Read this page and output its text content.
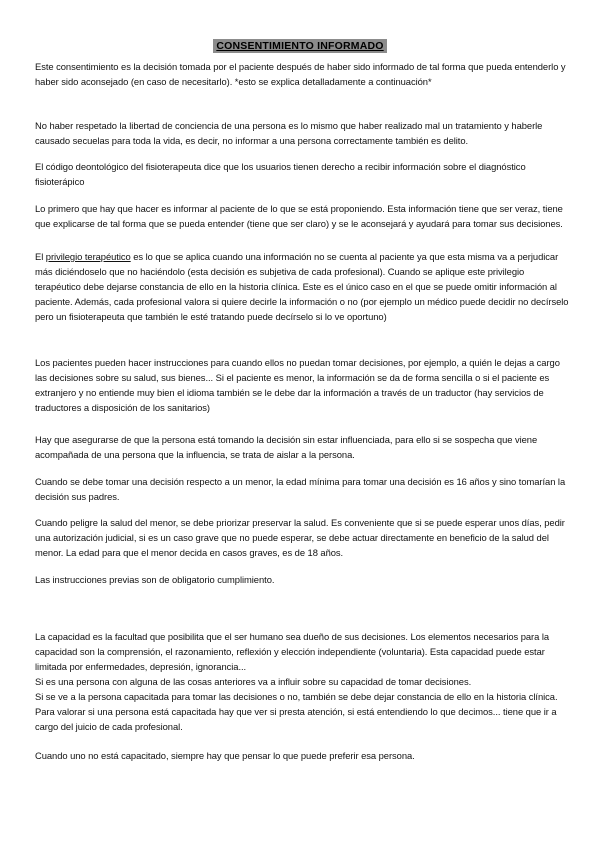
CONSENTIMIENTO INFORMADO

Este consentimiento es la decisión tomada por el paciente después de haber sido informado de tal forma que pueda entenderlo y haber sido aconsejado (en caso de necesitarlo). *esto se explica detalladamente a continuación*

No haber respetado la libertad de conciencia de una persona es lo mismo que haber realizado mal un tratamiento y haberle causado secuelas para toda la vida, es decir, no informar a una persona correctamente también es delito.

El código deontológico del fisioterapeuta dice que los usuarios tienen derecho a recibir información sobre el diagnóstico fisioterápico

Lo primero que hay que hacer es informar al paciente de lo que se está proponiendo. Esta información tiene que ser veraz, tiene que explicarse de tal forma que se pueda entender (tiene que ser claro) y se le aconsejará y ayudará para tomar sus decisiones.

El privilegio terapéutico es lo que se aplica cuando una información no se cuenta al paciente ya que esta misma va a perjudicar más diciéndoselo que no haciéndolo (esta decisión es subjetiva de cada profesional). Cuando se aplique este privilegio terapéutico debe dejarse constancia de ello en la historia clínica. Este es el único caso en el que se puede omitir información al paciente. Además, cada profesional valora si quiere decirle la información o no (por ejemplo un médico puede decidir no decírselo pero un fisioterapeuta que también le esté tratando puede decírselo si lo ve oportuno)

Los pacientes pueden hacer instrucciones para cuando ellos no puedan tomar decisiones, por ejemplo, a quién le dejas a cargo las decisiones sobre su salud, sus bienes... Si el paciente es menor, la información se da de forma sencilla o si el paciente es extranjero y no entiende muy bien el idioma también se le debe dar la información a través de un traductor (hay servicios de traductores a disposición de los sanitarios)

Hay que asegurarse de que la persona está tomando la decisión sin estar influenciada, para ello si se sospecha que viene acompañada de una persona que la influencia, se trata de aislar a la persona.

Cuando se debe tomar una decisión respecto a un menor, la edad mínima para tomar una decisión es 16 años y sino tomarían la decisión sus padres.

Cuando peligre la salud del menor, se debe priorizar preservar la salud. Es conveniente que si se puede esperar unos días, pedir una autorización judicial, si es un caso grave que no puede esperar, se debe actuar directamente en beneficio de la salud del menor. La edad para que el menor decida en casos graves, es de 18 años.

Las instrucciones previas son de obligatorio cumplimiento.

La capacidad es la facultad que posibilita que el ser humano sea dueño de sus decisiones. Los elementos necesarios para la capacidad son la comprensión, el razonamiento, reflexión y elección independiente (voluntaria). Esta capacidad puede estar limitada por enfermedades, depresión, ignorancia...

Si es una persona con alguna de las cosas anteriores va a influir sobre su capacidad de tomar decisiones.

Si se ve a la persona capacitada para tomar las decisiones o no, también se debe dejar constancia de ello en la historia clínica. Para valorar si una persona está capacitada hay que ver si presta atención, si está entendiendo lo que decimos... tiene que ir a cargo del juicio de cada profesional.

Cuando uno no está capacitado, siempre hay que pensar lo que puede preferir esa persona.
